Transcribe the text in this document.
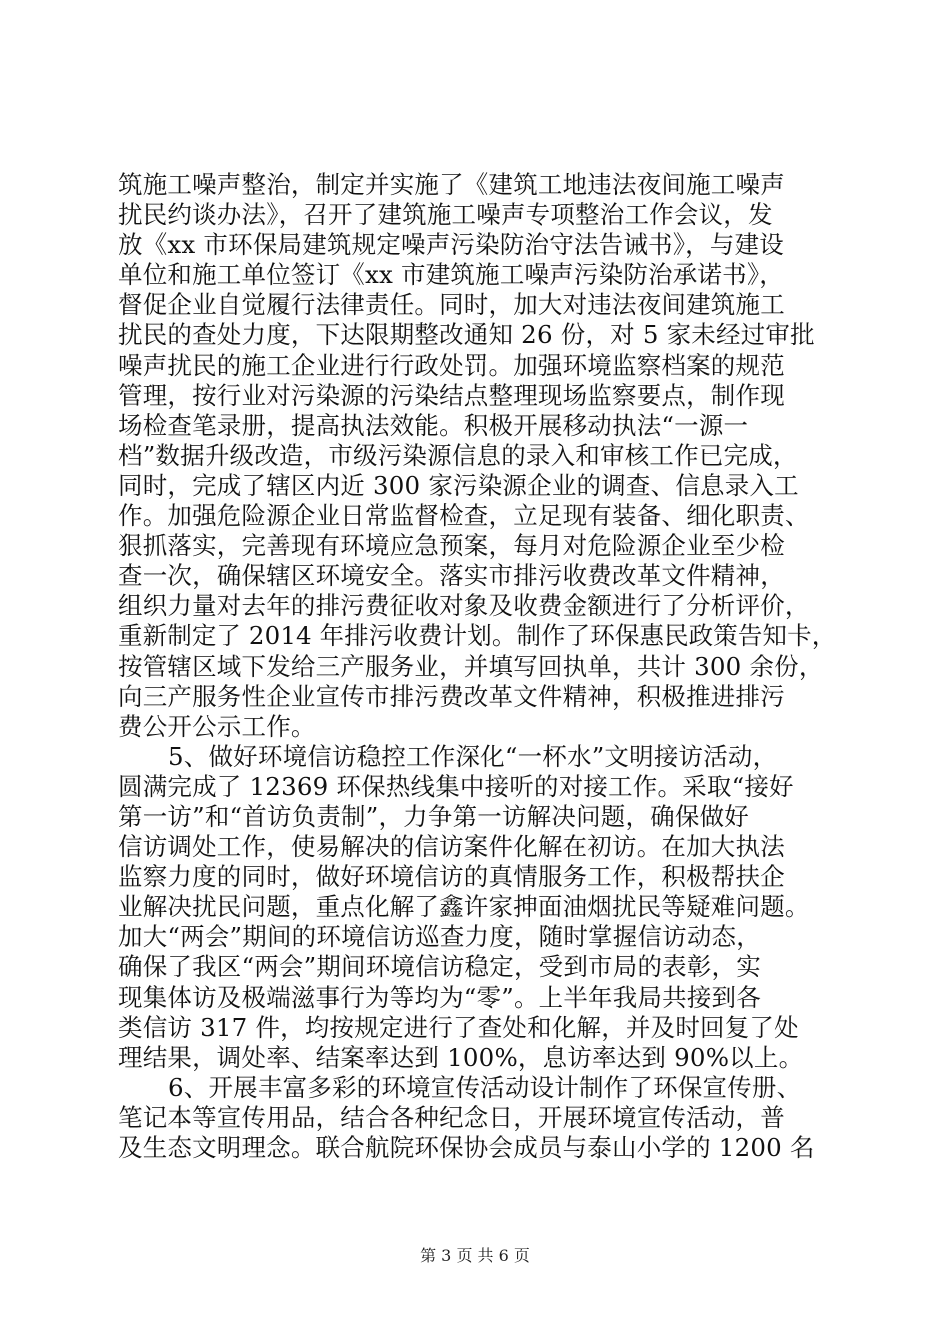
筑施工噪声整治，制定并实施了《建筑工地违法夜间施工噪声
扰民约谈办法》，召开了建筑施工噪声专项整治工作会议，发
放《xx 市环保局建筑规定噪声污染防治守法告诫书》，与建设
单位和施工单位签订《xx 市建筑施工噪声污染防治承诺书》，
督促企业自觉履行法律责任。同时，加大对违法夜间建筑施工
扰民的查处力度，下达限期整改通知 26 份，对 5 家未经过审批
噪声扰民的施工企业进行行政处罚。加强环境监察档案的规范
管理，按行业对污染源的污染结点整理现场监察要点，制作现
场检查笔录册，提高执法效能。积极开展移动执法“一源一
档”数据升级改造，市级污染源信息的录入和审核工作已完成，
同时，完成了辖区内近 300 家污染源企业的调查、信息录入工
作。加强危险源企业日常监督检查，立足现有装备、细化职责、
狠抓落实，完善现有环境应急预案，每月对危险源企业至少检
查一次，确保辖区环境安全。落实市排污收费改革文件精神，
组织力量对去年的排污费征收对象及收费金额进行了分析评价，
重新制定了 2014 年排污收费计划。制作了环保惠民政策告知卡，
按管辖区域下发给三产服务业，并填写回执单，共计 300 余份，
向三产服务性企业宣传市排污费改革文件精神，积极推进排污
费公开公示工作。
5、做好环境信访稳控工作深化“一杯水”文明接访活动，
圆满完成了 12369 环保热线集中接听的对接工作。采取“接好
第一访”和“首访负责制”，力争第一访解决问题，确保做好
信访调处工作，使易解决的信访案件化解在初访。在加大执法
监察力度的同时，做好环境信访的真情服务工作，积极帮扶企
业解决扰民问题，重点化解了鑫许家抻面油烟扰民等疑难问题。
加大“两会”期间的环境信访巡查力度，随时掌握信访动态，
确保了我区“两会”期间环境信访稳定，受到市局的表彰，实
现集体访及极端滋事行为等均为“零”。上半年我局共接到各
类信访 317 件，均按规定进行了查处和化解，并及时回复了处
理结果，调处率、结案率达到 100%，息访率达到 90%以上。
6、开展丰富多彩的环境宣传活动设计制作了环保宣传册、
笔记本等宣传用品，结合各种纪念日，开展环境宣传活动，普
及生态文明理念。联合航院环保协会成员与泰山小学的 1200 名
第 3 页 共 6 页
